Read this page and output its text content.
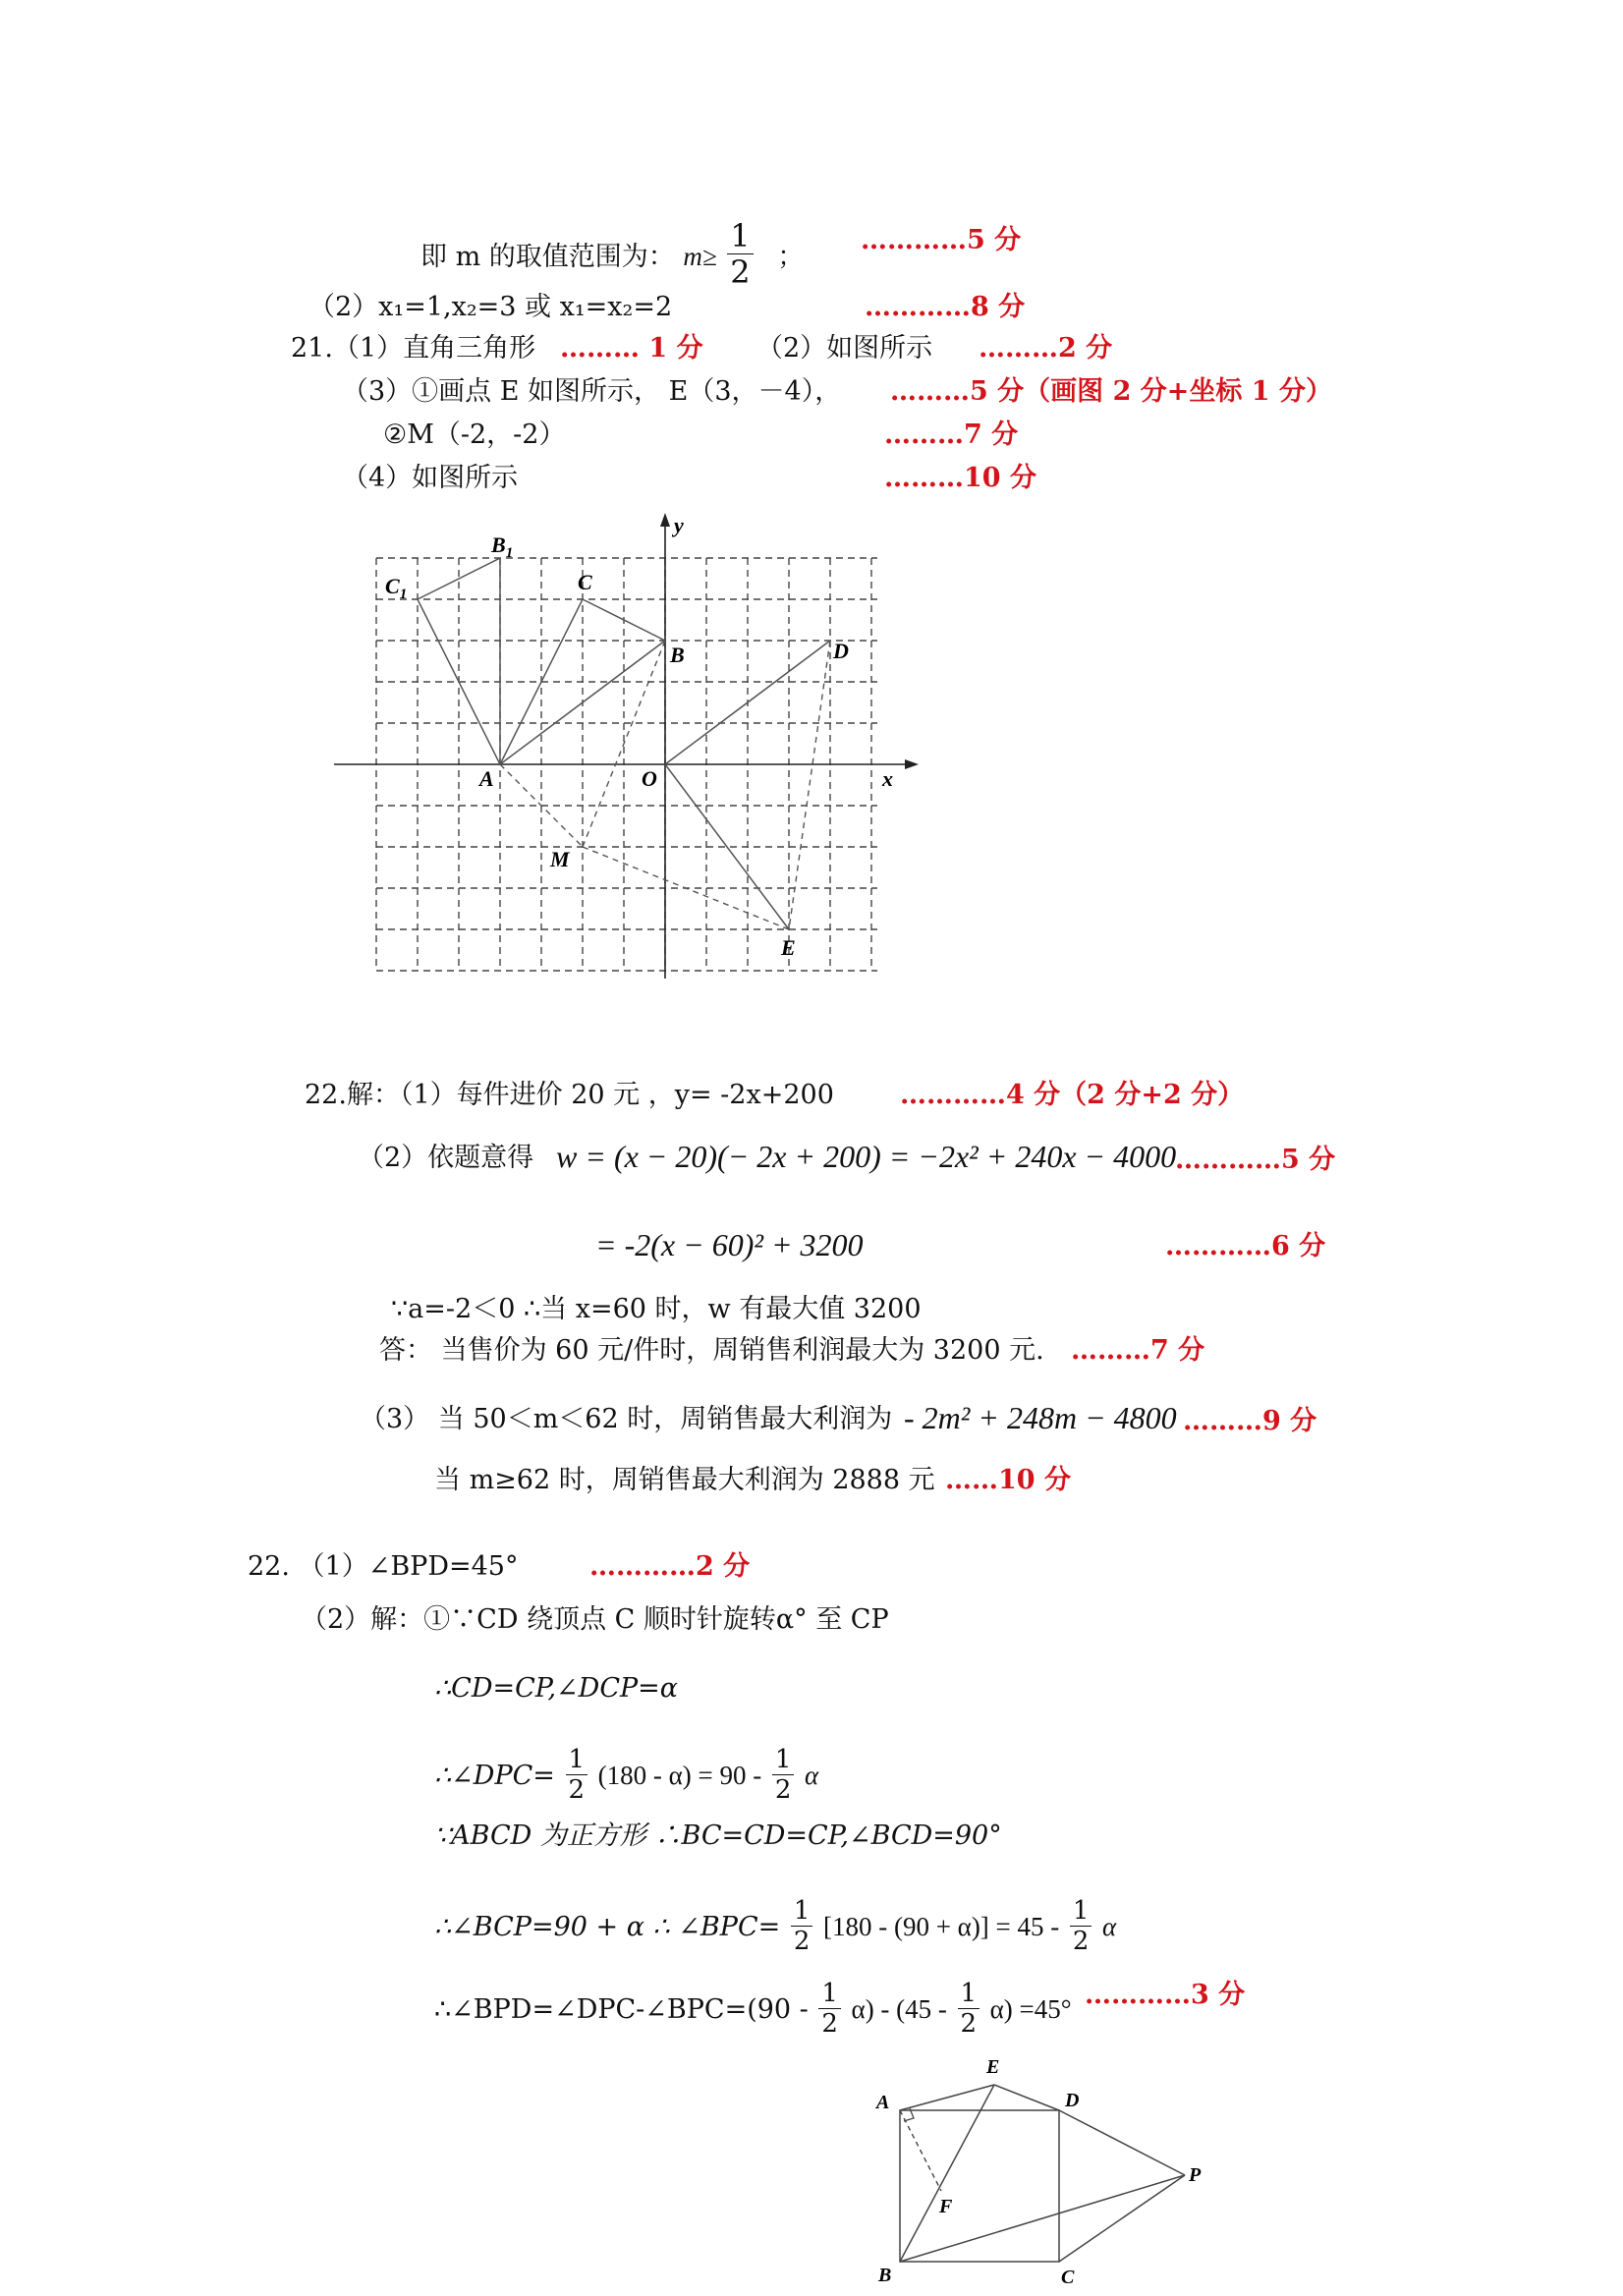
即 m 的取值范围为： $m\ge \frac{1}{2}$ ；
…………5 分
（2）x₁=1,x₂=3 或 x₁=x₂=2	…………8 分
21.（1）直角三角形 ……… 1 分 （2）如图所示 ………2 分
（3）①画点 E 如图所示， E（3，－4）， ………5 分（画图 2 分+坐标 1 分）
②M（-2，-2）	………7 分
（4）如图所示	………10 分
x
y
$B_1$
$C_1$	C
B	D
A	O
M
E
22.解：（1）每件进价 20 元 ，y= -2x+200 …………4 分（2 分+2 分）
（2）依题意得 w = (x − 20)(− 2x + 200) = −2x² + 240x − 4000
…………5 分
= -2(x − 60)² + 3200	…………6 分
∵a=-2＜0 ∴当 x=60 时，w 有最大值 3200
答： 当售价为 60 元/件时，周销售利润最大为 3200 元. ………7 分
（3） 当 50＜m＜62 时，周销售最大利润为 - 2m² + 248m − 4800 ………9 分
当 m≥62 时，周销售最大利润为 2888 元 ……10 分
22. （1）∠BPD=45°	…………2 分
（2）解：①∵CD 绕顶点 C 顺时针旋转α° 至 CP
∴CD=CP,∠DCP=α
∴∠DPC= $\frac{1}{2} (180 - \alpha) = 90 - \frac{1}{2}$ α
∵ABCD 为正方形 ∴BC=CD=CP,∠BCD=90°
∴∠BCP=90 + α ∴ ∠BPC= $\frac{1}{2} [180 - (90 + \alpha)] = 45 - \frac{1}{2}$ α
∴∠BPD=∠DPC-∠BPC=(90 - $\frac{1}{2} \alpha) - (45 - \frac{1}{2} \alpha) =45^\circ$ …………3 分
E
A	D
F
P
B	C
